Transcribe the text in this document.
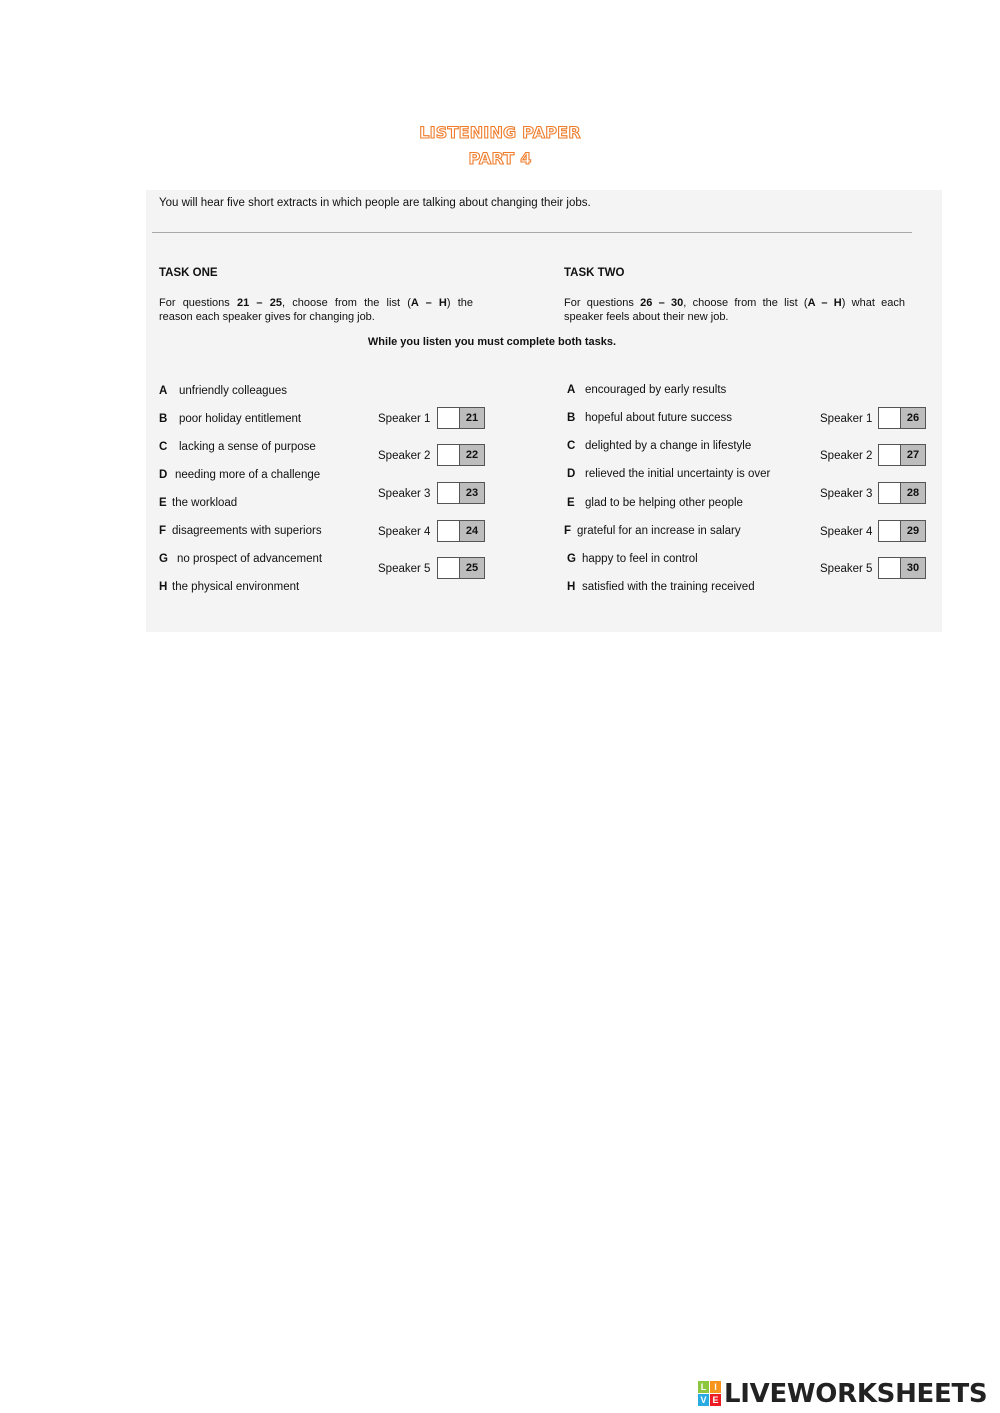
LISTENING PAPER
PART 4
You will hear five short extracts in which people are talking about changing their jobs.
TASK ONE
For questions 21 – 25, choose from the list (A – H) the
reason each speaker gives for changing job.
TASK TWO
For questions 26 – 30, choose from the list (A – H) what each
speaker feels about their new job.
While you listen you must complete both tasks.
A unfriendly colleagues
B poor holiday entitlement
C lacking a sense of purpose
D needing more of a challenge
E the workload
F disagreements with superiors
G no prospect of advancement
H the physical environment
Speaker 1	21
Speaker 2	22
Speaker 3	23
Speaker 4	24
Speaker 5	25
A encouraged by early results
B hopeful about future success
C delighted by a change in lifestyle
D relieved the initial uncertainty is over
E glad to be helping other people
F grateful for an increase in salary
G happy to feel in control
H satisfied with the training received
Speaker 1	26
Speaker 2	27
Speaker 3	28
Speaker 4	29
Speaker 5	30
L I
V E LIVEWORKSHEETS
